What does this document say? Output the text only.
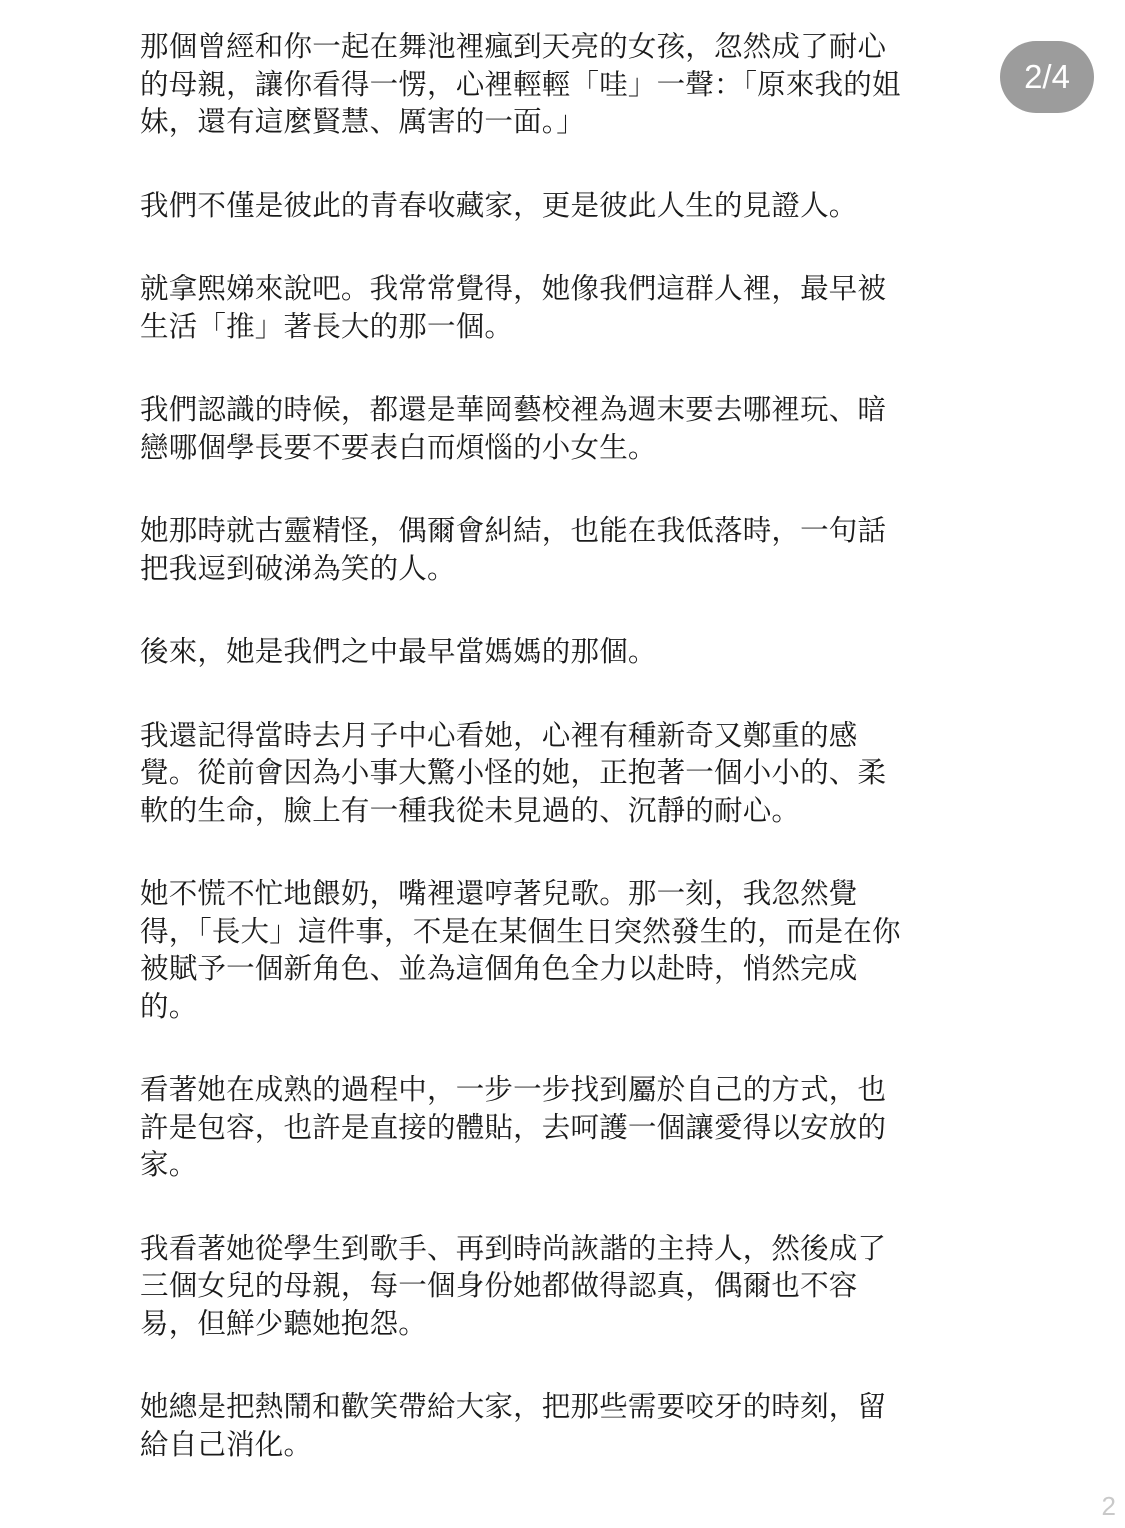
那個曾經和你一起在舞池裡瘋到天亮的女孩，忽然成了耐心
的母親，讓你看得一愣，心裡輕輕「哇」一聲：「原來我的姐
妹，還有這麼賢慧、厲害的一面。」

我們不僅是彼此的青春收藏家，更是彼此人生的見證人。

就拿熙娣來說吧。我常常覺得，她像我們這群人裡，最早被
生活「推」著長大的那一個。

我們認識的時候，都還是華岡藝校裡為週末要去哪裡玩、暗
戀哪個學長要不要表白而煩惱的小女生。

她那時就古靈精怪，偶爾會糾結，也能在我低落時，一句話
把我逗到破涕為笑的人。

後來，她是我們之中最早當媽媽的那個。

我還記得當時去月子中心看她，心裡有種新奇又鄭重的感
覺。從前會因為小事大驚小怪的她，正抱著一個小小的、柔
軟的生命，臉上有一種我從未見過的、沉靜的耐心。

她不慌不忙地餵奶，嘴裡還哼著兒歌。那一刻，我忽然覺
得，「長大」這件事，不是在某個生日突然發生的，而是在你
被賦予一個新角色、並為這個角色全力以赴時，悄然完成
的。

看著她在成熟的過程中，一步一步找到屬於自己的方式，也
許是包容，也許是直接的體貼，去呵護一個讓愛得以安放的
家。

我看著她從學生到歌手、再到時尚詼諧的主持人，然後成了
三個女兒的母親，每一個身份她都做得認真，偶爾也不容
易，但鮮少聽她抱怨。

她總是把熱鬧和歡笑帶給大家，把那些需要咬牙的時刻，留
給自己消化。

2/4
2
